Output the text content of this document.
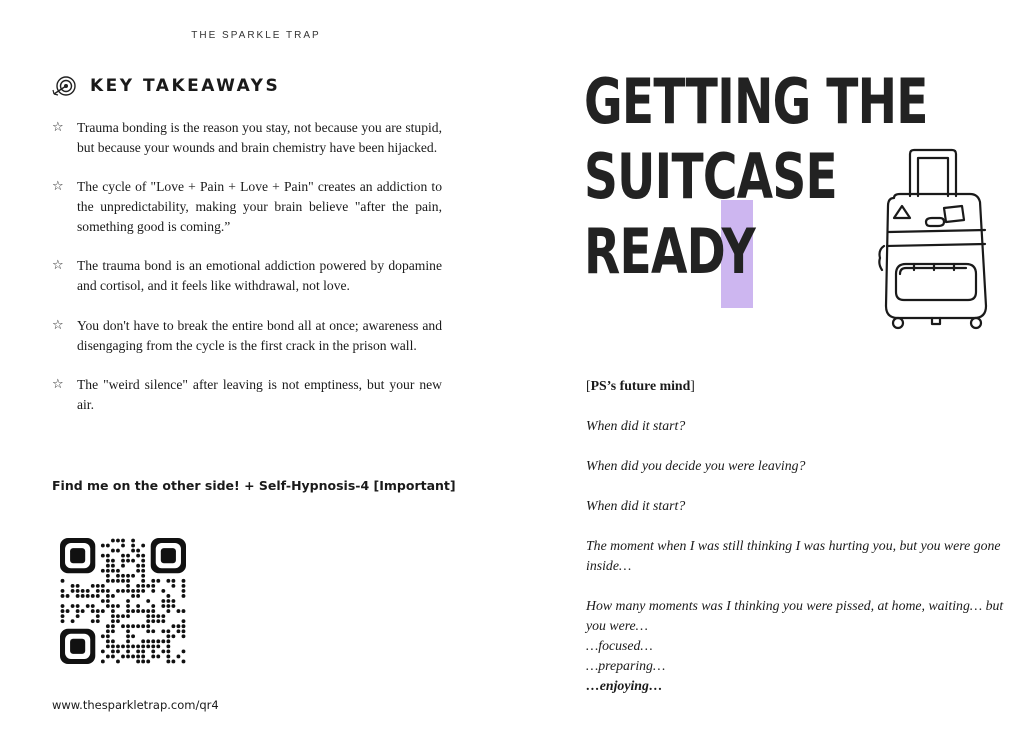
THE SPARKLE TRAP
KEY TAKEAWAYS
☆ Trauma bonding is the reason you stay, not because you are stupid, but because your wounds and brain chemistry have been hijacked.
☆ The cycle of "Love + Pain + Love + Pain" creates an addiction to the unpredictability, making your brain believe "after the pain, something good is coming.”
☆ The trauma bond is an emotional addiction powered by dopamine and cortisol, and it feels like withdrawal, not love.
☆ You don't have to break the entire bond all at once; awareness and disengaging from the cycle is the first crack in the prison wall.
☆ The "weird silence" after leaving is not emptiness, but your new air.
Find me on the other side! + Self-Hypnosis-4 [Important]
www.thesparkletrap.com/qr4
GETTING THE
SUITCASE
READY

[PS’s future mind]

When did it start?

When did you decide you were leaving?

When did it start?

The moment when I was still thinking I was hurting you, but you were gone inside…

How many moments was I thinking you were pissed, at home, waiting… but you were…

…focused…

…preparing…

…enjoying…
